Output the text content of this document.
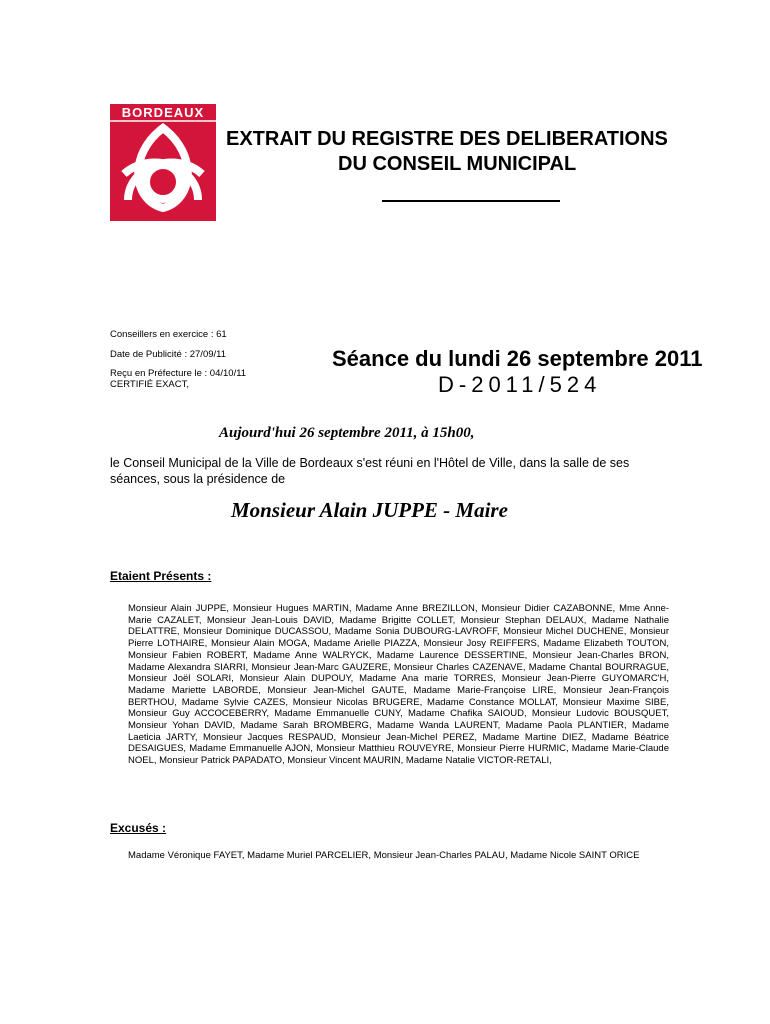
BORDEAUX
EXTRAIT DU REGISTRE DES DELIBERATIONS
DU CONSEIL MUNICIPAL
Conseillers en exercice : 61
Date de Publicité : 27/09/11
Reçu en Préfecture le : 04/10/11
CERTIFIÉ EXACT,
Séance du lundi 26 septembre 2011
D-2011/524
Aujourd'hui 26 septembre 2011, à 15h00,
le Conseil Municipal de la Ville de Bordeaux s'est réuni en l'Hôtel de Ville, dans la salle de ses séances, sous la présidence de
Monsieur Alain JUPPE - Maire
Etaient Présents :
Monsieur Alain JUPPE, Monsieur Hugues MARTIN, Madame Anne BREZILLON, Monsieur Didier CAZABONNE, Mme Anne-Marie CAZALET, Monsieur Jean-Louis DAVID, Madame Brigitte COLLET, Monsieur Stephan DELAUX, Madame Nathalie DELATTRE, Monsieur Dominique DUCASSOU, Madame Sonia DUBOURG-LAVROFF, Monsieur Michel DUCHENE, Monsieur Pierre LOTHAIRE, Monsieur Alain MOGA, Madame Arielle PIAZZA, Monsieur Josy REIFFERS, Madame Elizabeth TOUTON, Monsieur Fabien ROBERT, Madame Anne WALRYCK, Madame Laurence DESSERTINE, Monsieur Jean-Charles BRON, Madame Alexandra SIARRI, Monsieur Jean-Marc GAUZERE, Monsieur Charles CAZENAVE, Madame Chantal BOURRAGUE, Monsieur Joël SOLARI, Monsieur Alain DUPOUY, Madame Ana marie TORRES, Monsieur Jean-Pierre GUYOMARC'H, Madame Mariette LABORDE, Monsieur Jean-Michel GAUTE, Madame Marie-Françoise LIRE, Monsieur Jean-François BERTHOU, Madame Sylvie CAZES, Monsieur Nicolas BRUGERE, Madame Constance MOLLAT, Monsieur Maxime SIBE, Monsieur Guy ACCOCEBERRY, Madame Emmanuelle CUNY, Madame Chafika SAIOUD, Monsieur Ludovic BOUSQUET, Monsieur Yohan DAVID, Madame Sarah BROMBERG, Madame Wanda LAURENT, Madame Paola PLANTIER, Madame Laeticia JARTY, Monsieur Jacques RESPAUD, Monsieur Jean-Michel PEREZ, Madame Martine DIEZ, Madame Béatrice DESAIGUES, Madame Emmanuelle AJON, Monsieur Matthieu ROUVEYRE, Monsieur Pierre HURMIC, Madame Marie-Claude NOEL, Monsieur Patrick PAPADATO, Monsieur Vincent MAURIN, Madame Natalie VICTOR-RETALI,
Excusés :
Madame Véronique FAYET, Madame Muriel PARCELIER, Monsieur Jean-Charles PALAU, Madame Nicole SAINT ORICE
